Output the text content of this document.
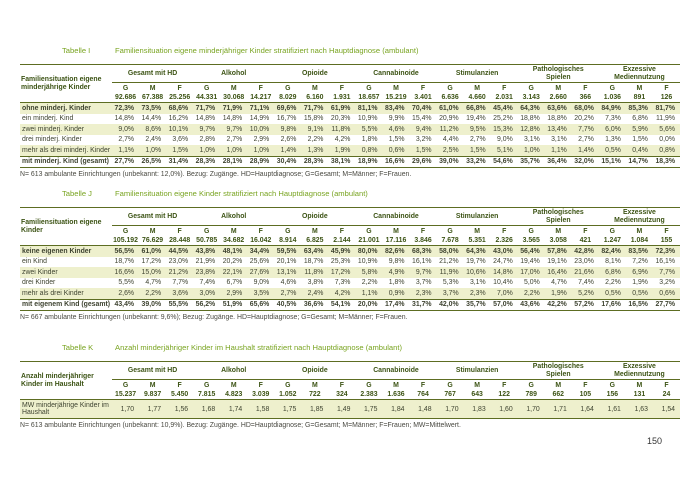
Tabelle I	Familiensituation eigene minderjähriger Kinder stratifiziert nach Hauptdiagnose (ambulant)
Familiensituation eigene minderjährige Kinder	Gesamt mit HD			Alkohol			Opioide			Cannabinoide			Stimulanzien			Pathologisches Spielen			Exzessive Mediennutzung		
	G	M	F	G	M	F	G	M	F	G	M	F	G	M	F	G	M	F	G	M	F
	92.686	67.388	25.256	44.331	30.068	14.217	8.029	6.160	1.931	18.657	15.219	3.401	6.636	4.660	2.031	3.143	2.660	366	1.036	891	126
ohne minderj. Kinder	72,3%	73,5%	68,6%	71,7%	71,9%	71,1%	69,6%	71,7%	61,9%	81,1%	83,4%	70,4%	61,0%	66,8%	45,4%	64,3%	63,6%	68,0%	84,9%	85,3%	81,7%
ein minderj. Kind	14,8%	14,4%	16,2%	14,8%	14,8%	14,9%	16,7%	15,8%	20,3%	10,9%	9,9%	15,4%	20,9%	19,4%	25,2%	18,8%	18,8%	20,2%	7,3%	6,8%	11,9%
zwei minderj. Kinder	9,0%	8,6%	10,1%	9,7%	9,7%	10,0%	9,8%	9,1%	11,8%	5,5%	4,6%	9,4%	11,2%	9,5%	15,3%	12,8%	13,4%	7,7%	6,0%	5,9%	5,6%
drei minderj. Kinder	2,7%	2,4%	3,6%	2,8%	2,7%	2,9%	2,6%	2,2%	4,2%	1,8%	1,5%	3,2%	4,4%	2,7%	9,0%	3,1%	3,1%	2,7%	1,3%	1,5%	0,0%
mehr als drei minderj. Kinder	1,1%	1,0%	1,5%	1,0%	1,0%	1,0%	1,4%	1,3%	1,9%	0,8%	0,6%	1,5%	2,5%	1,5%	5,1%	1,0%	1,1%	1,4%	0,5%	0,4%	0,8%
mit minderj. Kind (gesamt)	27,7%	26,5%	31,4%	28,3%	28,1%	28,9%	30,4%	28,3%	38,1%	18,9%	16,6%	29,6%	39,0%	33,2%	54,6%	35,7%	36,4%	32,0%	15,1%	14,7%	18,3%
N= 613 ambulante Einrichtungen (unbekannt: 12,0%). Bezug: Zugänge. HD=Hauptdiagnose; G=Gesamt; M=Männer; F=Frauen.
Tabelle J	Familiensituation eigene Kinder stratifiziert nach Hauptdiagnose (ambulant)
Familiensituation eigene Kinder	Gesamt mit HD			Alkohol			Opioide			Cannabinoide			Stimulanzien			Pathologisches Spielen			Exzessive Mediennutzung		
	G	M	F	G	M	F	G	M	F	G	M	F	G	M	F	G	M	F	G	M	F
	105.192	76.629	28.448	50.785	34.682	16.042	8.914	6.825	2.144	21.001	17.116	3.846	7.678	5.351	2.326	3.565	3.058	421	1.247	1.084	155
keine eigenen Kinder	56,5%	61,0%	44,5%	43,8%	48,1%	34,4%	59,5%	63,4%	45,9%	80,0%	82,6%	68,3%	58,0%	64,3%	43,0%	56,4%	57,8%	42,8%	82,4%	83,5%	72,3%
ein Kind	18,7%	17,2%	23,0%	21,9%	20,2%	25,6%	20,1%	18,7%	25,3%	10,9%	9,8%	16,1%	21,2%	19,7%	24,7%	19,4%	19,1%	23,0%	8,1%	7,2%	16,1%
zwei Kinder	16,6%	15,0%	21,2%	23,8%	22,1%	27,6%	13,1%	11,8%	17,2%	5,8%	4,9%	9,7%	11,9%	10,6%	14,8%	17,0%	16,4%	21,6%	6,8%	6,9%	7,7%
drei Kinder	5,5%	4,7%	7,7%	7,4%	6,7%	9,0%	4,6%	3,8%	7,3%	2,2%	1,8%	3,7%	5,3%	3,1%	10,4%	5,0%	4,7%	7,4%	2,2%	1,9%	3,2%
mehr als drei Kinder	2,6%	2,2%	3,6%	3,0%	2,9%	3,5%	2,7%	2,4%	4,2%	1,1%	0,9%	2,3%	3,7%	2,3%	7,0%	2,2%	1,9%	5,2%	0,5%	0,5%	0,6%
mit eigenem Kind (gesamt)	43,4%	39,0%	55,5%	56,2%	51,9%	65,6%	40,5%	36,6%	54,1%	20,0%	17,4%	31,7%	42,0%	35,7%	57,0%	43,6%	42,2%	57,2%	17,6%	16,5%	27,7%
N= 667 ambulante Einrichtungen (unbekannt: 9,6%); Bezug: Zugänge. HD=Hauptdiagnose; G=Gesamt; M=Männer; F=Frauen.
Tabelle K	Anzahl minderjähriger Kinder im Haushalt stratifiziert nach Hauptdiagnose (ambulant)
Anzahl minderjähriger Kinder im Haushalt	Gesamt mit HD			Alkohol			Opioide			Cannabinoide			Stimulanzien			Pathologisches Spielen			Exzessive Mediennutzung		
	G	M	F	G	M	F	G	M	F	G	M	F	G	M	F	G	M	F	G	M	F
	15.237	9.837	5.450	7.815	4.823	3.039	1.052	722	324	2.383	1.636	764	767	643	122	789	662	105	156	131	24
MW minderjährige Kinder im Haushalt	1,70	1,77	1,56	1,68	1,74	1,58	1,75	1,85	1,49	1,75	1,84	1,48	1,70	1,83	1,60	1,70	1,71	1,64	1,61	1,63	1,54
N= 613 ambulante Einrichtungen (unbekannt: 10,9%). Bezug: Zugänge. HD=Hauptdiagnose; G=Gesamt; M=Männer; F=Frauen; MW=Mittelwert.
150
